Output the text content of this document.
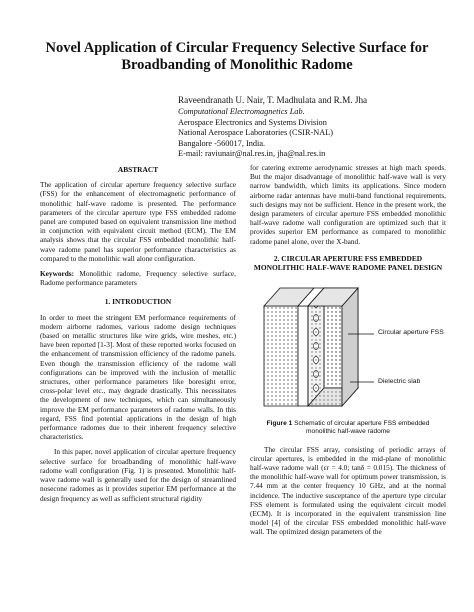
Novel Application of Circular Frequency Selective Surface for Broadbanding of Monolithic Radome
Raveendranath U. Nair, T. Madhulata and R.M. Jha
Computational Electromagnetics Lab.
Aerospace Electronics and Systems Division
National Aerospace Laboratories (CSIR-NAL)
Bangalore -560017, India.
E-mail: raviunair@nal.res.in, jha@nal.res.in
ABSTRACT

The application of circular aperture frequency selective surface (FSS) for the enhancement of electromagnetic performance of monolithic half-wave radome is presented. The performance parameters of the circular aperture type FSS embedded radome panel are computed based on equivalent transmission line method in conjunction with equivalent circuit method (ECM). The EM analysis shows that the circular FSS embedded monolithic half-wave radome panel has superior performance characteristics as compared to the monolithic wall alone configuration.

Keywords: Monolithic radome, Frequency selective surface, Radome performance parameters

1. INTRODUCTION

In order to meet the stringent EM performance requirements of modern airborne radomes, various radome design techniques (based on metallic structures like wire grids, wire meshes, etc.) have been reported [1-3]. Most of these reported works focused on the enhancement of transmission efficiency of the radome panels. Even though the transmission efficiency of the radome wall configurations can be improved with the inclusion of metallic structures, other performance parameters like boresight error, cross-polar level etc., may degrade drastically. This necessitates the development of new techniques, which can simultaneously improve the EM performance parameters of radome walls. In this regard, FSS find potential applications in the design of high performance radomes due to their inherent frequency selective characteristics.

In this paper, novel application of circular aperture frequency selective surface for broadbanding of monolithic half-wave radome wall configuration (Fig. 1) is presented. Monolithic half-wave radome wall is generally used for the design of streamlined nosecone radomes as it provides superior EM performance at the design frequency as well as sufficient structural rigidity

for catering extreme aerodynamic stresses at high mach speeds. But the major disadvantage of monolithic half-wave wall is very narrow bandwidth, which limits its applications. Since modern airborne radar antennas have multi-band functional requirements, such designs may not be sufficient. Hence in the present work, the design parameters of circular aperture FSS embedded monolithic half-wave radome wall configuration are optimized such that it provides superior EM performance as compared to monolithic radome panel alone, over the X-band.

2. CIRCULAR APERTURE FSS EMBEDDED MONOLITHIC HALF-WAVE RADOME PANEL DESIGN
Circular aperture FSS
Dielectric slab
Figure 1 Schematic of circular aperture FSS embedded monolithic half-wave radome

The circular FSS array, consisting of periodic arrays of circular apertures, is embedded in the mid-plane of monolithic half-wave radome wall (εr = 4.0; tanδ = 0.015). The thickness of the monolithic half-wave wall for optimum power transmission, is 7.44 mm at the center frequency 10 GHz, and at the normal incidence. The inductive susceptance of the aperture type circular FSS element is formulated using the equivalent circuit model (ECM). It is incorporated in the equivalent transmission line model [4] of the circular FSS embedded monolithic half-wave wall. The optimized design parameters of the
